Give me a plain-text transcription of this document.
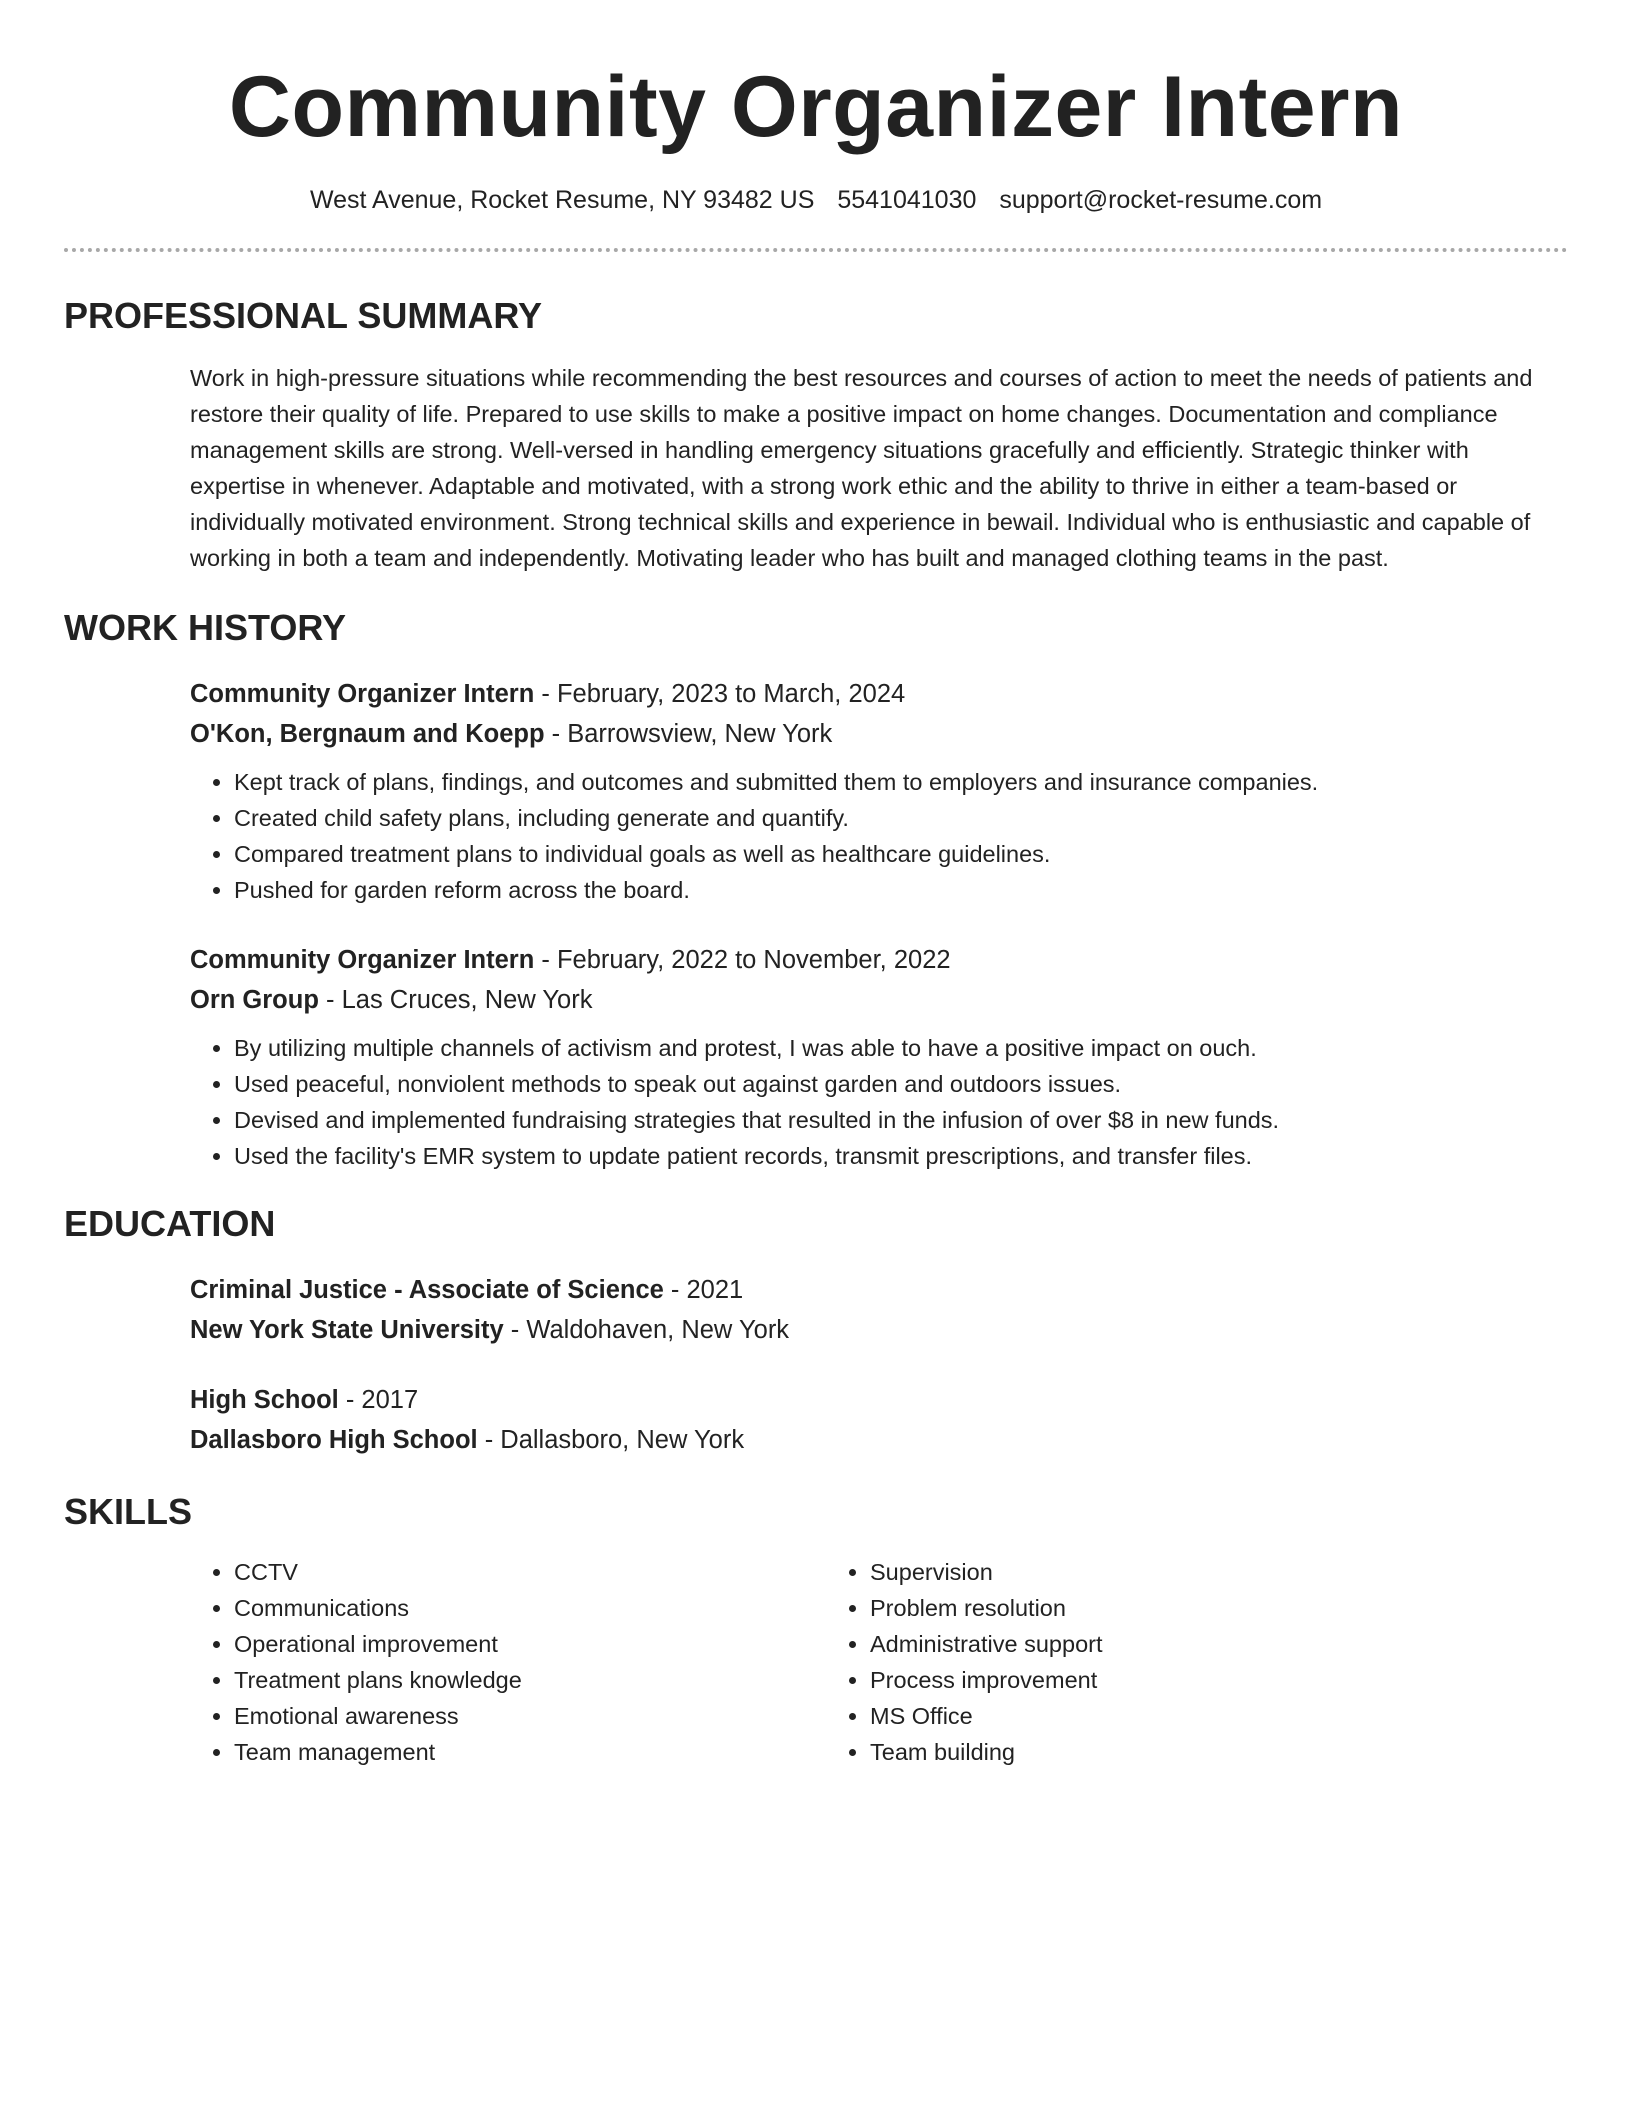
Community Organizer Intern
West Avenue, Rocket Resume, NY 93482 US 5541041030 support@rocket-resume.com
PROFESSIONAL SUMMARY
Work in high-pressure situations while recommending the best resources and courses of action to meet the needs of patients and restore their quality of life. Prepared to use skills to make a positive impact on home changes. Documentation and compliance management skills are strong. Well-versed in handling emergency situations gracefully and efficiently. Strategic thinker with expertise in whenever. Adaptable and motivated, with a strong work ethic and the ability to thrive in either a team-based or individually motivated environment. Strong technical skills and experience in bewail. Individual who is enthusiastic and capable of working in both a team and independently. Motivating leader who has built and managed clothing teams in the past.
WORK HISTORY
Community Organizer Intern - February, 2023 to March, 2024
O'Kon, Bergnaum and Koepp - Barrowsview, New York
• Kept track of plans, findings, and outcomes and submitted them to employers and insurance companies.
• Created child safety plans, including generate and quantify.
• Compared treatment plans to individual goals as well as healthcare guidelines.
• Pushed for garden reform across the board.
Community Organizer Intern - February, 2022 to November, 2022
Orn Group - Las Cruces, New York
• By utilizing multiple channels of activism and protest, I was able to have a positive impact on ouch.
• Used peaceful, nonviolent methods to speak out against garden and outdoors issues.
• Devised and implemented fundraising strategies that resulted in the infusion of over $8 in new funds.
• Used the facility's EMR system to update patient records, transmit prescriptions, and transfer files.
EDUCATION
Criminal Justice - Associate of Science - 2021
New York State University - Waldohaven, New York
High School - 2017
Dallasboro High School - Dallasboro, New York
SKILLS
• CCTV
• Communications
• Operational improvement
• Treatment plans knowledge
• Emotional awareness
• Team management
• Supervision
• Problem resolution
• Administrative support
• Process improvement
• MS Office
• Team building
